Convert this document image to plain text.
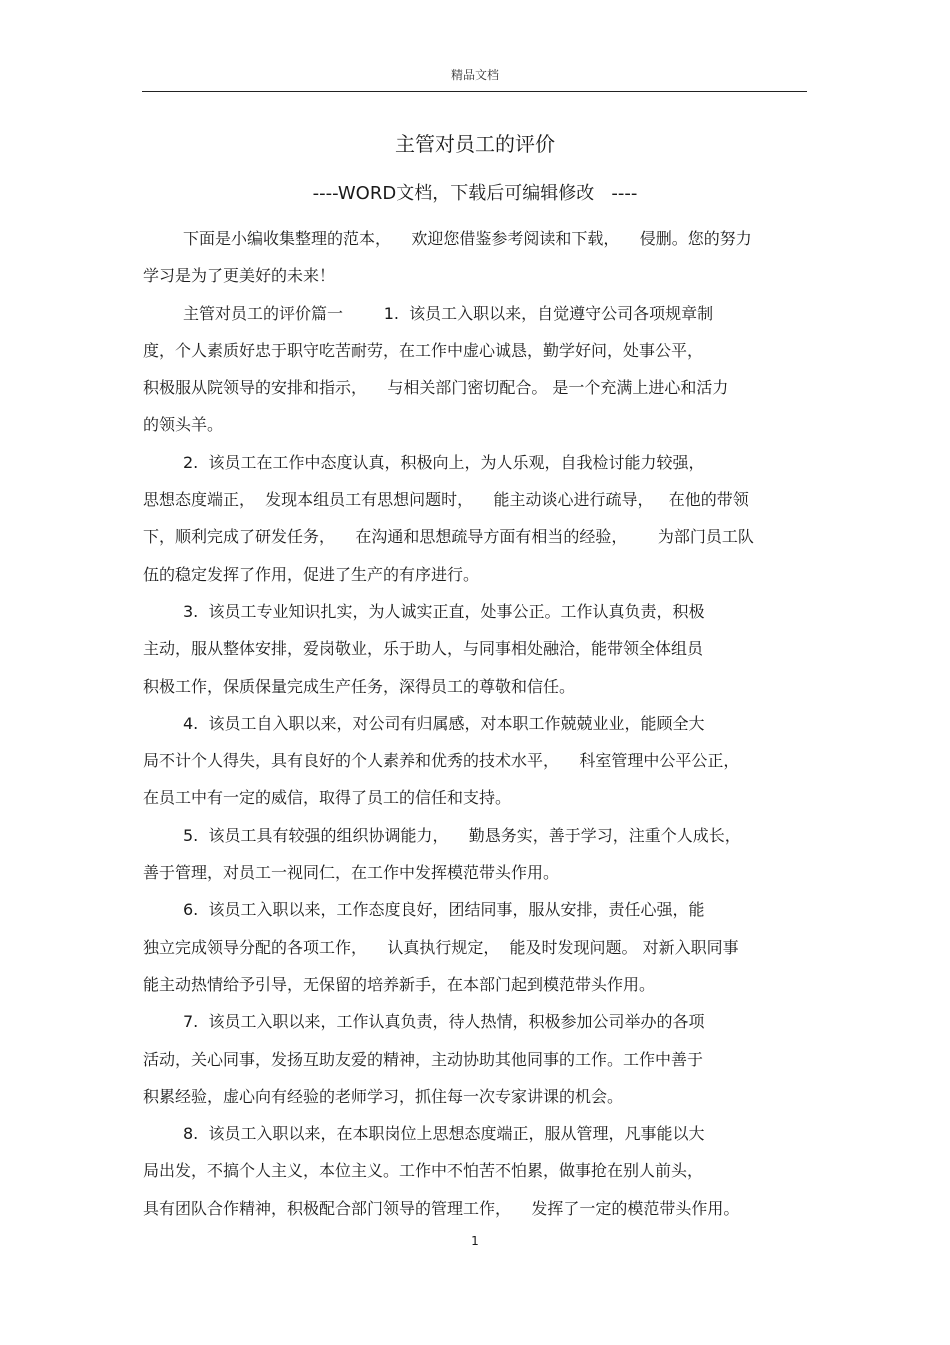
精品文档
主管对员工的评价
----WORD文档，下载后可编辑修改   ----
下面是小编收集整理的范本，    欢迎您借鉴参考阅读和下载，    侵删。您的努力
学习是为了更美好的未来！
主管对员工的评价篇一        1.  该员工入职以来，自觉遵守公司各项规章制
度，个人素质好忠于职守吃苦耐劳，在工作中虚心诚恳，勤学好问，处事公平，
积极服从院领导的安排和指示，    与相关部门密切配合。 是一个充满上进心和活力
的领头羊。
2.  该员工在工作中态度认真，积极向上，为人乐观，自我检讨能力较强，
思想态度端正，  发现本组员工有思想问题时，    能主动谈心进行疏导，   在他的带领
下，顺利完成了研发任务，    在沟通和思想疏导方面有相当的经验，      为部门员工队
伍的稳定发挥了作用，促进了生产的有序进行。
3.  该员工专业知识扎实，为人诚实正直，处事公正。工作认真负责，积极
主动，服从整体安排，爱岗敬业，乐于助人，与同事相处融洽，能带领全体组员
积极工作，保质保量完成生产任务，深得员工的尊敬和信任。
4.  该员工自入职以来，对公司有归属感，对本职工作兢兢业业，能顾全大
局不计个人得失，具有良好的个人素养和优秀的技术水平，    科室管理中公平公正，
在员工中有一定的威信，取得了员工的信任和支持。
5.  该员工具有较强的组织协调能力，    勤恳务实，善于学习，注重个人成长，
善于管理，对员工一视同仁，在工作中发挥模范带头作用。
6.  该员工入职以来，工作态度良好，团结同事，服从安排，责任心强，能
独立完成领导分配的各项工作，    认真执行规定，  能及时发现问题。 对新入职同事
能主动热情给予引导，无保留的培养新手，在本部门起到模范带头作用。
7.  该员工入职以来，工作认真负责，待人热情，积极参加公司举办的各项
活动，关心同事，发扬互助友爱的精神，主动协助其他同事的工作。工作中善于
积累经验，虚心向有经验的老师学习，抓住每一次专家讲课的机会。
8.  该员工入职以来，在本职岗位上思想态度端正，服从管理，凡事能以大
局出发，不搞个人主义，本位主义。工作中不怕苦不怕累，做事抢在别人前头，
具有团队合作精神，积极配合部门领导的管理工作，    发挥了一定的模范带头作用。
1
